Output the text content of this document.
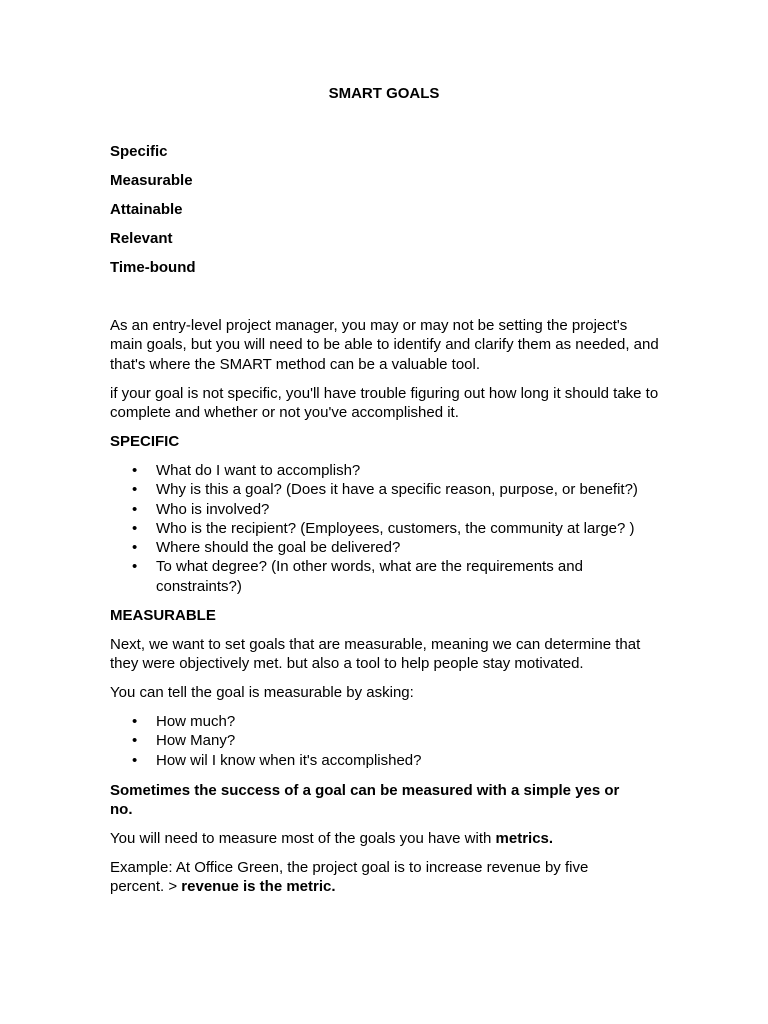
SMART GOALS

Specific
Measurable
Attainable
Relevant
Time-bound

As an entry-level project manager, you may or may not be setting the project's main goals, but you will need to be able to identify and clarify them as needed, and that's where the SMART method can be a valuable tool.

if your goal is not specific, you'll have trouble figuring out how long it should take to complete and whether or not you've accomplished it.

SPECIFIC

• What do I want to accomplish?
• Why is this a goal? (Does it have a specific reason, purpose, or benefit?)
• Who is involved?
• Who is the recipient? (Employees, customers, the community at large? )
• Where should the goal be delivered?
• To what degree? (In other words, what are the requirements and constraints?)

MEASURABLE

Next, we want to set goals that are measurable, meaning we can determine that they were objectively met. but also a tool to help people stay motivated.

You can tell the goal is measurable by asking:

• How much?
• How Many?
• How wil I know when it's accomplished?

Sometimes the success of a goal can be measured with a simple yes or no.

You will need to measure most of the goals you have with metrics.

Example: At Office Green, the project goal is to increase revenue by five percent. > revenue is the metric.
